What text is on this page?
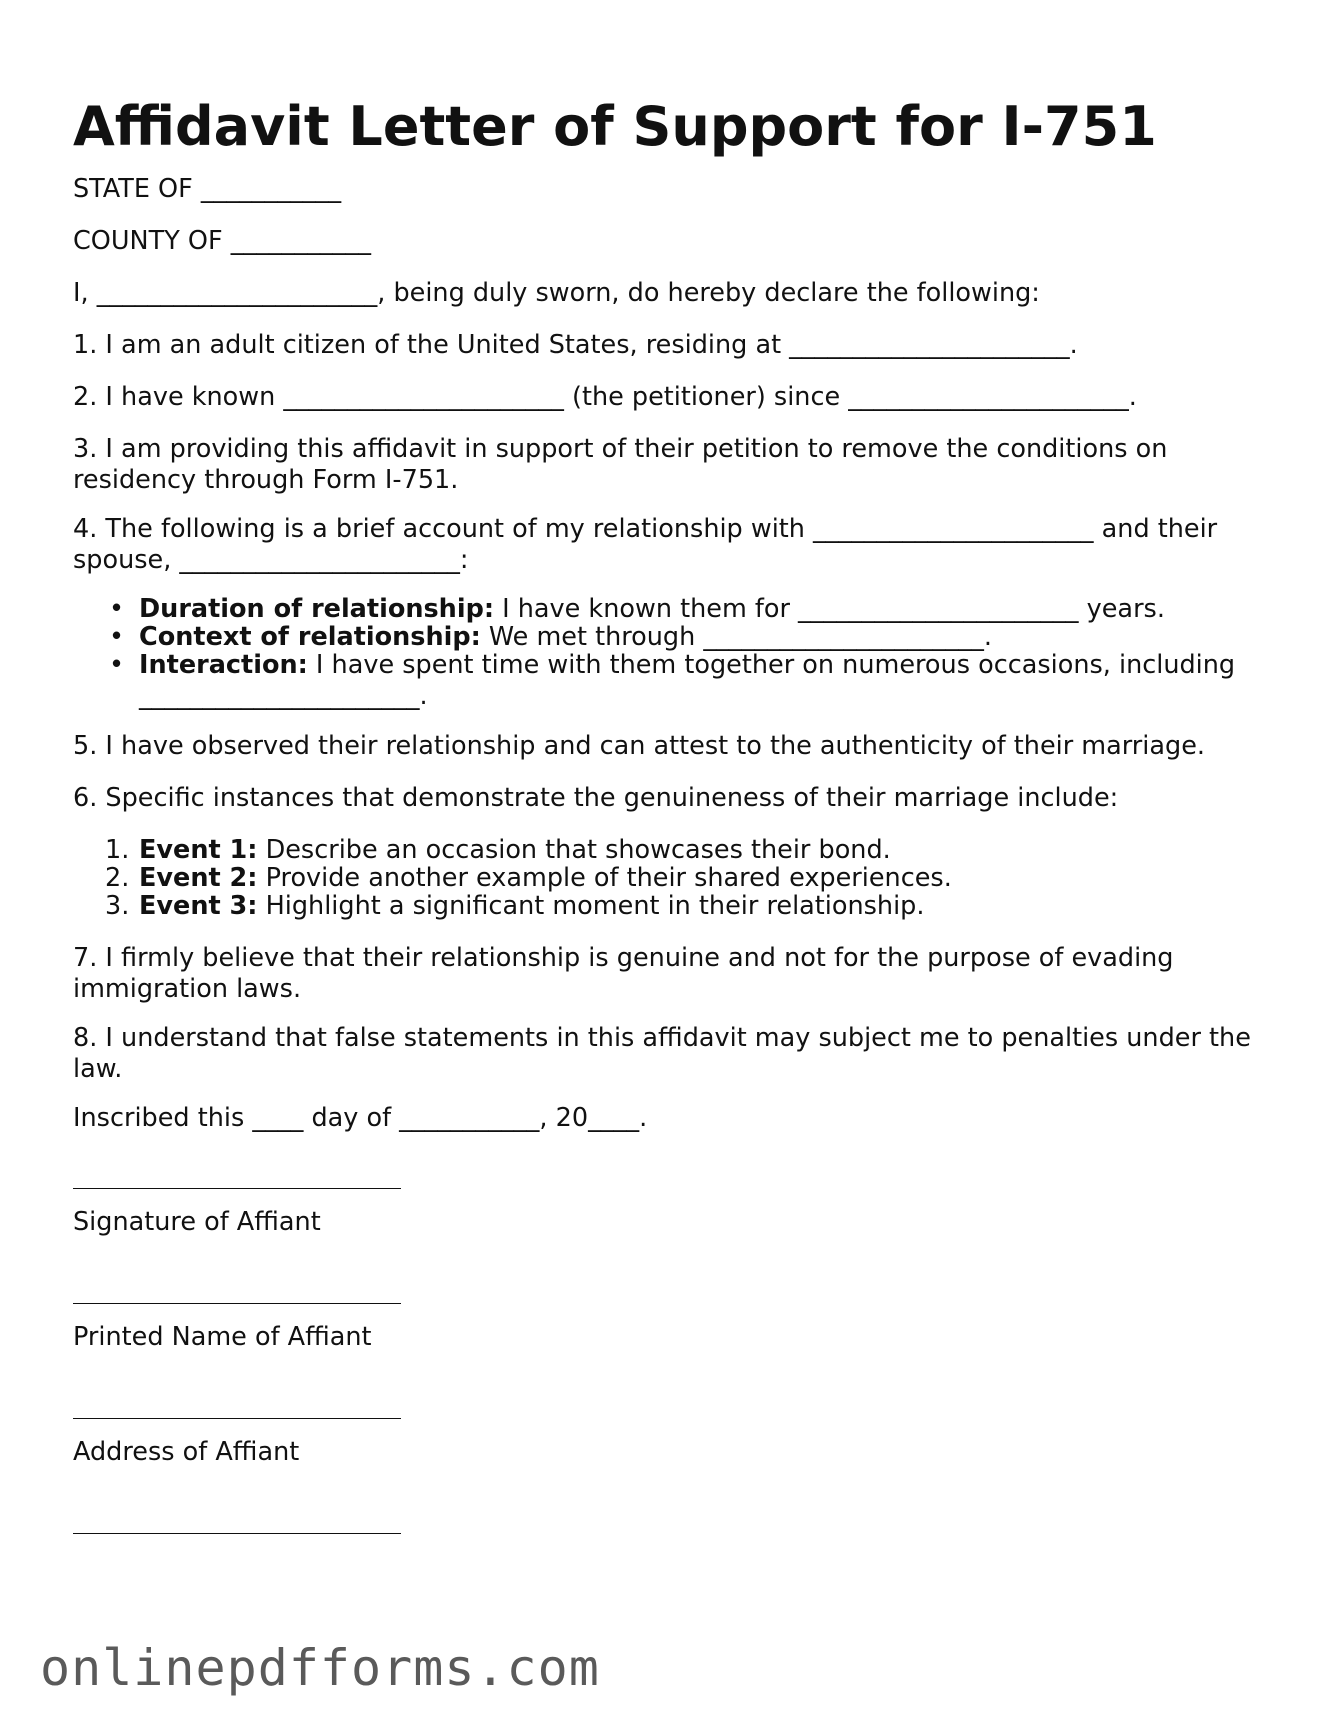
Affidavit Letter of Support for I-751

STATE OF ___________

COUNTY OF ___________

I, ______________________, being duly sworn, do hereby declare the following:

1. I am an adult citizen of the United States, residing at ______________________.

2. I have known ______________________ (the petitioner) since ______________________.

3. I am providing this affidavit in support of their petition to remove the conditions on residency through Form I-751.

4. The following is a brief account of my relationship with ______________________ and their spouse, ______________________:

• Duration of relationship: I have known them for ______________________ years.
• Context of relationship: We met through ______________________.
• Interaction: I have spent time with them together on numerous occasions, including ______________________.

5. I have observed their relationship and can attest to the authenticity of their marriage.

6. Specific instances that demonstrate the genuineness of their marriage include:

1. Event 1: Describe an occasion that showcases their bond.
2. Event 2: Provide another example of their shared experiences.
3. Event 3: Highlight a significant moment in their relationship.

7. I firmly believe that their relationship is genuine and not for the purpose of evading immigration laws.

8. I understand that false statements in this affidavit may subject me to penalties under the law.

Inscribed this ____ day of ___________, 20____.

Signature of Affiant

Printed Name of Affiant

Address of Affiant

onlinepdfforms.com
